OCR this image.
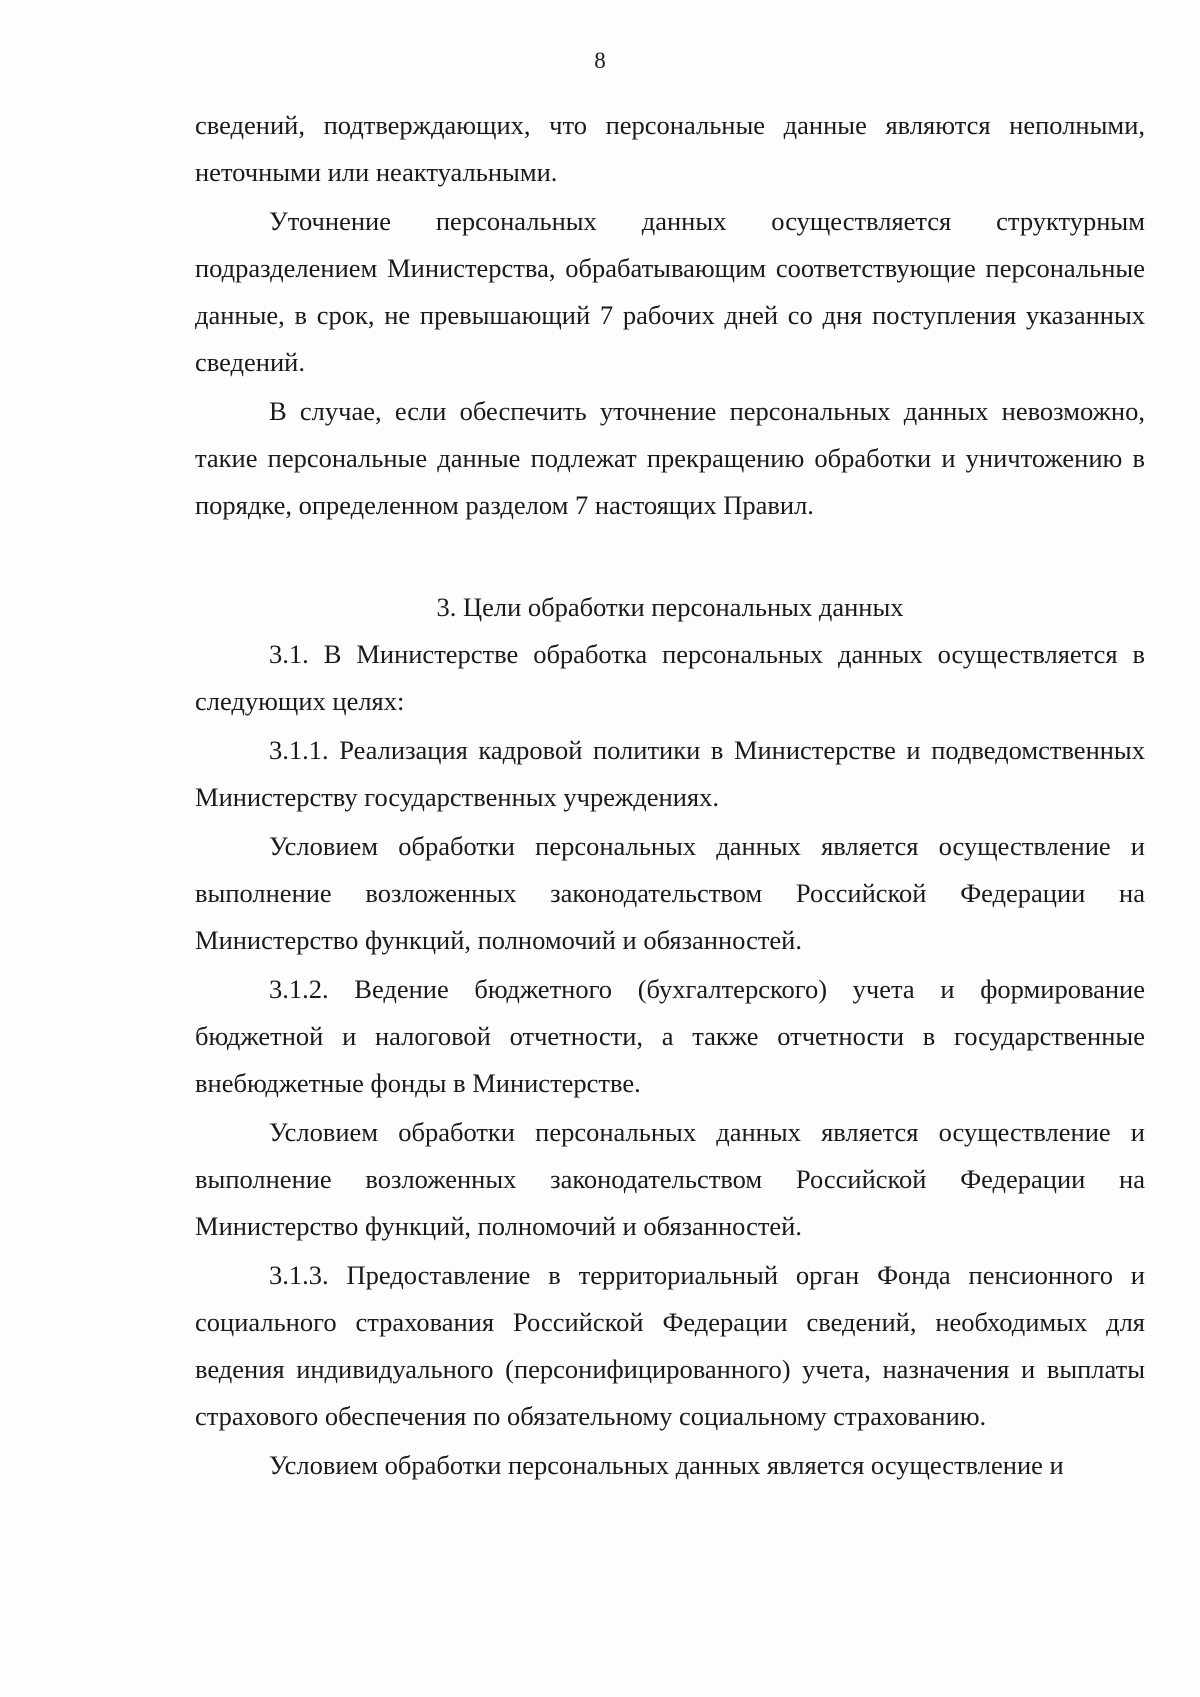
8

сведений, подтверждающих, что персональные данные являются неполными, неточными или неактуальными.

Уточнение персональных данных осуществляется структурным подразделением Министерства, обрабатывающим соответствующие персональные данные, в срок, не превышающий 7 рабочих дней со дня поступления указанных сведений.

В случае, если обеспечить уточнение персональных данных невозможно, такие персональные данные подлежат прекращению обработки и уничтожению в порядке, определенном разделом 7 настоящих Правил.

3. Цели обработки персональных данных

3.1. В Министерстве обработка персональных данных осуществляется в следующих целях:

3.1.1. Реализация кадровой политики в Министерстве и подведомственных Министерству государственных учреждениях.

Условием обработки персональных данных является осуществление и выполнение возложенных законодательством Российской Федерации на Министерство функций, полномочий и обязанностей.

3.1.2. Ведение бюджетного (бухгалтерского) учета и формирование бюджетной и налоговой отчетности, а также отчетности в государственные внебюджетные фонды в Министерстве.

Условием обработки персональных данных является осуществление и выполнение возложенных законодательством Российской Федерации на Министерство функций, полномочий и обязанностей.

3.1.3. Предоставление в территориальный орган Фонда пенсионного и социального страхования Российской Федерации сведений, необходимых для ведения индивидуального (персонифицированного) учета, назначения и выплаты страхового обеспечения по обязательному социальному страхованию.

Условием обработки персональных данных является осуществление и
